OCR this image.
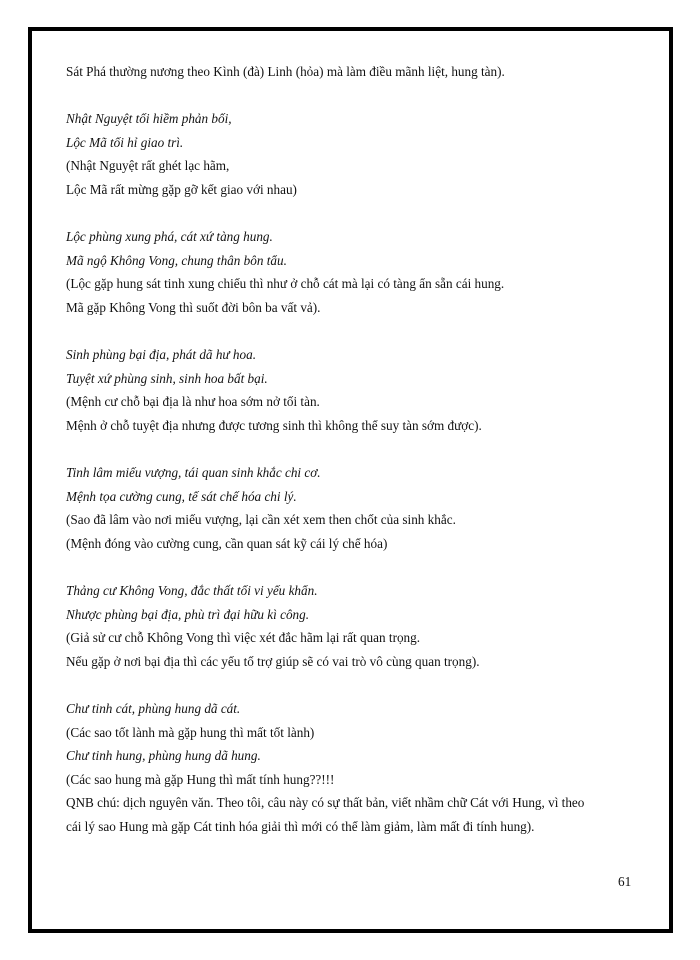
Sát Phá thường nương theo Kình (đà) Linh (hỏa) mà làm điều mãnh liệt, hung tàn).
Nhật Nguyệt tối hiềm phản bối,
Lộc Mã tối hỉ giao trì.
(Nhật Nguyệt rất ghét lạc hãm,
Lộc Mã rất mừng gặp gỡ kết giao với nhau)
Lộc phùng xung phá, cát xứ tàng hung.
Mã ngộ Không Vong, chung thân bôn tẩu.
(Lộc gặp hung sát tinh xung chiếu thì như ở chỗ cát mà lại có tàng ẩn sẵn cái hung.
Mã gặp Không Vong thì suốt đời bôn ba vất vả).
Sinh phùng bại địa, phát dã hư hoa.
Tuyệt xứ phùng sinh, sinh hoa bất bại.
(Mệnh cư chỗ bại địa là như hoa sớm nở tối tàn.
Mệnh ở chỗ tuyệt địa nhưng được tương sinh thì không thể suy tàn sớm được).
Tinh lâm miếu vượng, tái quan sinh khắc chi cơ.
Mệnh tọa cường cung, tế sát chế hóa chi lý.
(Sao đã lâm vào nơi miếu vượng, lại cần xét xem then chốt của sinh khắc.
(Mệnh đóng vào cường cung, cần quan sát kỹ cái lý chế hóa)
Thảng cư Không Vong, đắc thất tối vi yếu khẩn.
Nhược phùng bại địa, phù trì đại hữu kì công.
(Giả sử cư chỗ Không Vong thì việc xét đắc hãm lại rất quan trọng.
Nếu gặp ở nơi bại địa thì các yếu tố trợ giúp sẽ có vai trò vô cùng quan trọng).
Chư tinh cát, phùng hung dã cát.
(Các sao tốt lành mà gặp hung thì mất tốt lành)
Chư tinh hung, phùng hung dã hung.
(Các sao hung mà gặp Hung thì mất tính hung??!!!
QNB chú: dịch nguyên văn. Theo tôi, câu này có sự thất bản, viết nhầm chữ Cát với Hung, vì theo
cái lý sao Hung mà gặp Cát tinh hóa giải thì mới có thể làm giảm, làm mất đi tính hung).
61
